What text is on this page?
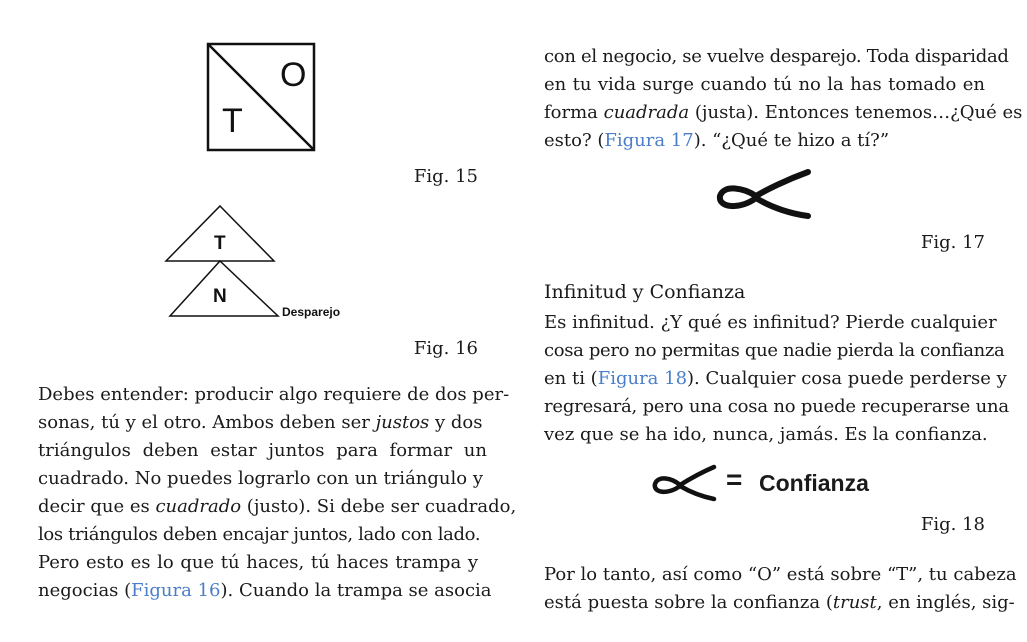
O
T
Fig. 15
T
N
Desparejo
Fig. 16
Debes entender: producir algo requiere de dos per-
sonas, tú y el otro. Ambos deben ser justos y dos
triángulos deben estar juntos para formar un
cuadrado. No puedes lograrlo con un triángulo y
decir que es cuadrado (justo). Si debe ser cuadrado,
los triángulos deben encajar juntos, lado con lado.
Pero esto es lo que tú haces, tú haces trampa y
negocias (Figura 16). Cuando la trampa se asocia
con el negocio, se vuelve desparejo. Toda disparidad
en tu vida surge cuando tú no la has tomado en
forma cuadrada (justa). Entonces tenemos…¿Qué es
esto? (Figura 17). “¿Qué te hizo a tí?”
Fig. 17
Infinitud y Confianza
Es infinitud. ¿Y qué es infinitud? Pierde cualquier
cosa pero no permitas que nadie pierda la confianza
en ti (Figura 18). Cualquier cosa puede perderse y
regresará, pero una cosa no puede recuperarse una
vez que se ha ido, nunca, jamás. Es la confianza.
= Confianza
Fig. 18
Por lo tanto, así como “O” está sobre “T”, tu cabeza
está puesta sobre la confianza (trust, en inglés, sig-
